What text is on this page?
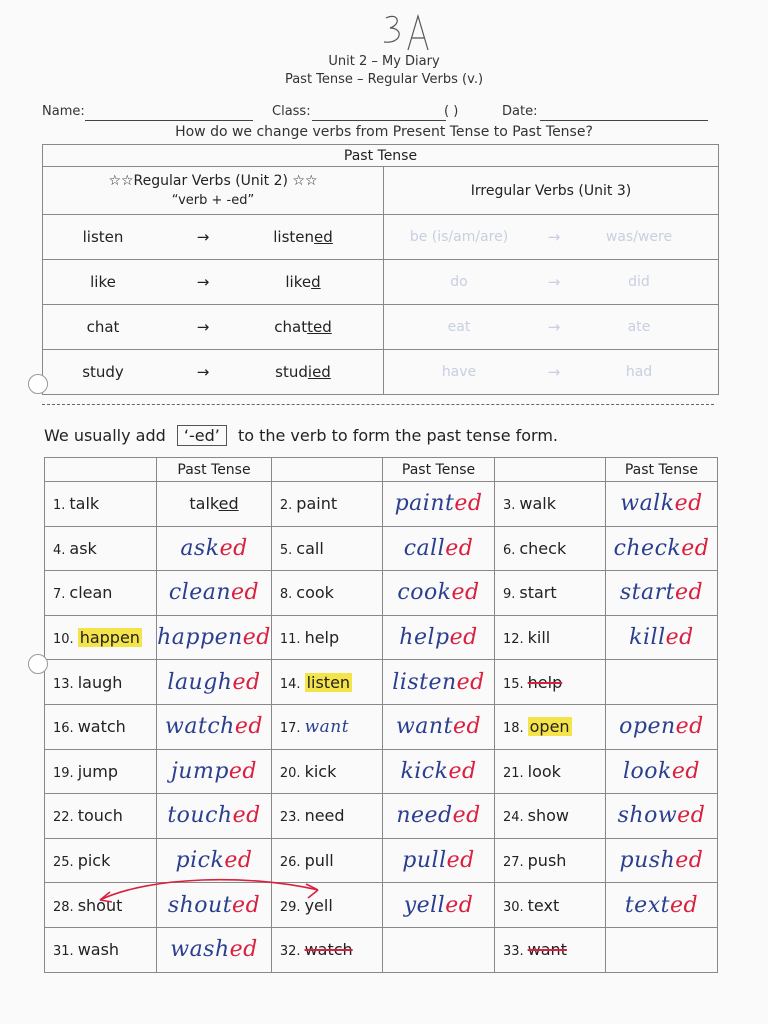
Unit 2 – My Diary
Past Tense – Regular Verbs (v.)
Name:	Class:	( )	Date:
How do we change verbs from Present Tense to Past Tense?
Past Tense	

☆☆Regular Verbs (Unit 2) ☆☆
“verb + -ed”	Irregular Verbs (Unit 3)

listen → listened	be (is/am/are) → was/were

like → liked	do → did

chat → chatted	eat → ate

study → studied	have → had
We usually add ‘-ed’ to the verb to form the past tense form.
	Past Tense		Past Tense		Past Tense
1. talk	talked	2. paint	painted	3. walk	walked
4. ask	asked	5. call	called	6. check	checked
7. clean	cleaned	8. cook	cooked	9. start	started
10. happen	happened	11. help	helped	12. kill	killed
13. laugh	laughed	14. listen	listened	15. help	
16. watch	watched	17. want	wanted	18. open	opened
19. jump	jumped	20. kick	kicked	21. look	looked
22. touch	touched	23. need	needed	24. show	showed
25. pick	picked	26. pull	pulled	27. push	pushed
28. shout	shouted	29. yell	yelled	30. text	texted
31. wash	washed	32. watch		33. want	
